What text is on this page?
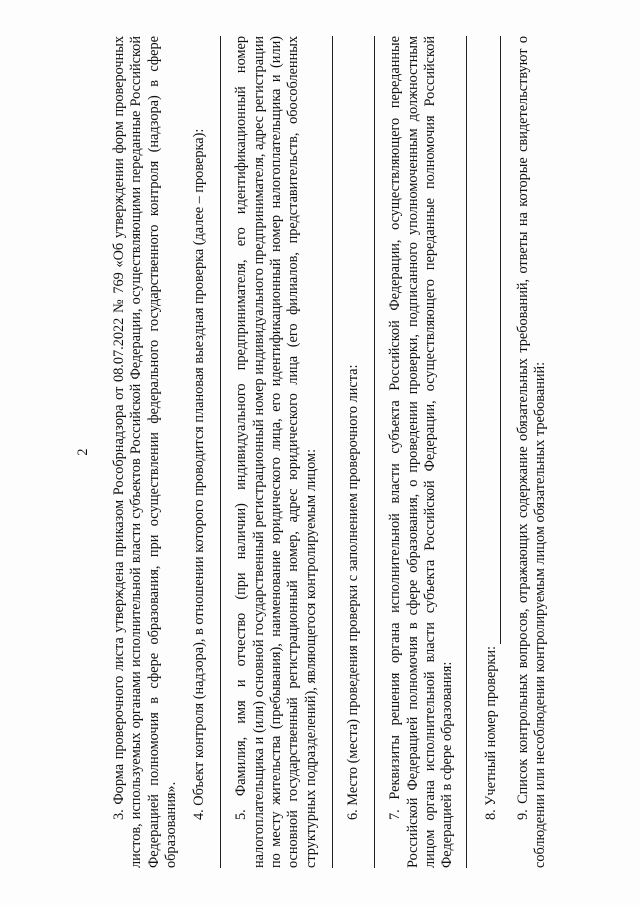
2 3. Форма проверочного листа утверждена приказом Рособрнадзора от 08.07.2022 № 769 «Об утверждении форм проверочных листов, используемых органами исполнительной власти субъектов Российской Федерации, осуществляющими переданные Российской Федерацией полномочия в сфере образования, при осуществлении федерального государственного контроля (надзора) в сфере образования».

4. Объект контроля (надзора), в отношении которого проводится плановая выездная проверка (далее – проверка): 5. Фамилия, имя и отчество (при наличии) индивидуального предпринимателя, его идентификационный номер налогоплательщика и (или) основной государственный регистрационный номер индивидуального предпринимателя, адрес регистрации по месту жительства (пребывания), наименование юридического лица, его идентификационный номер налогоплательщика и (или) основной государственный регистрационный номер, адрес юридического лица (его филиалов, представительств, обособленных структурных подразделений), являющегося контролируемым лицом: 6. Место (места) проведения проверки с заполнением проверочного листа: 7. Реквизиты решения органа исполнительной власти субъекта Российской Федерации, осуществляющего переданные Российской Федерацией полномочия в сфере образования, о проведении проверки, подписанного уполномоченным должностным лицом органа исполнительной власти субъекта Российской Федерации, осуществляющего переданные полномочия Российской Федерацией в сфере образования: 8. Учетный номер проверки: 9. Список контрольных вопросов, отражающих содержание обязательных требований, ответы на которые свидетельствуют о соблюдении или несоблюдении контролируемым лицом обязательных требований:
